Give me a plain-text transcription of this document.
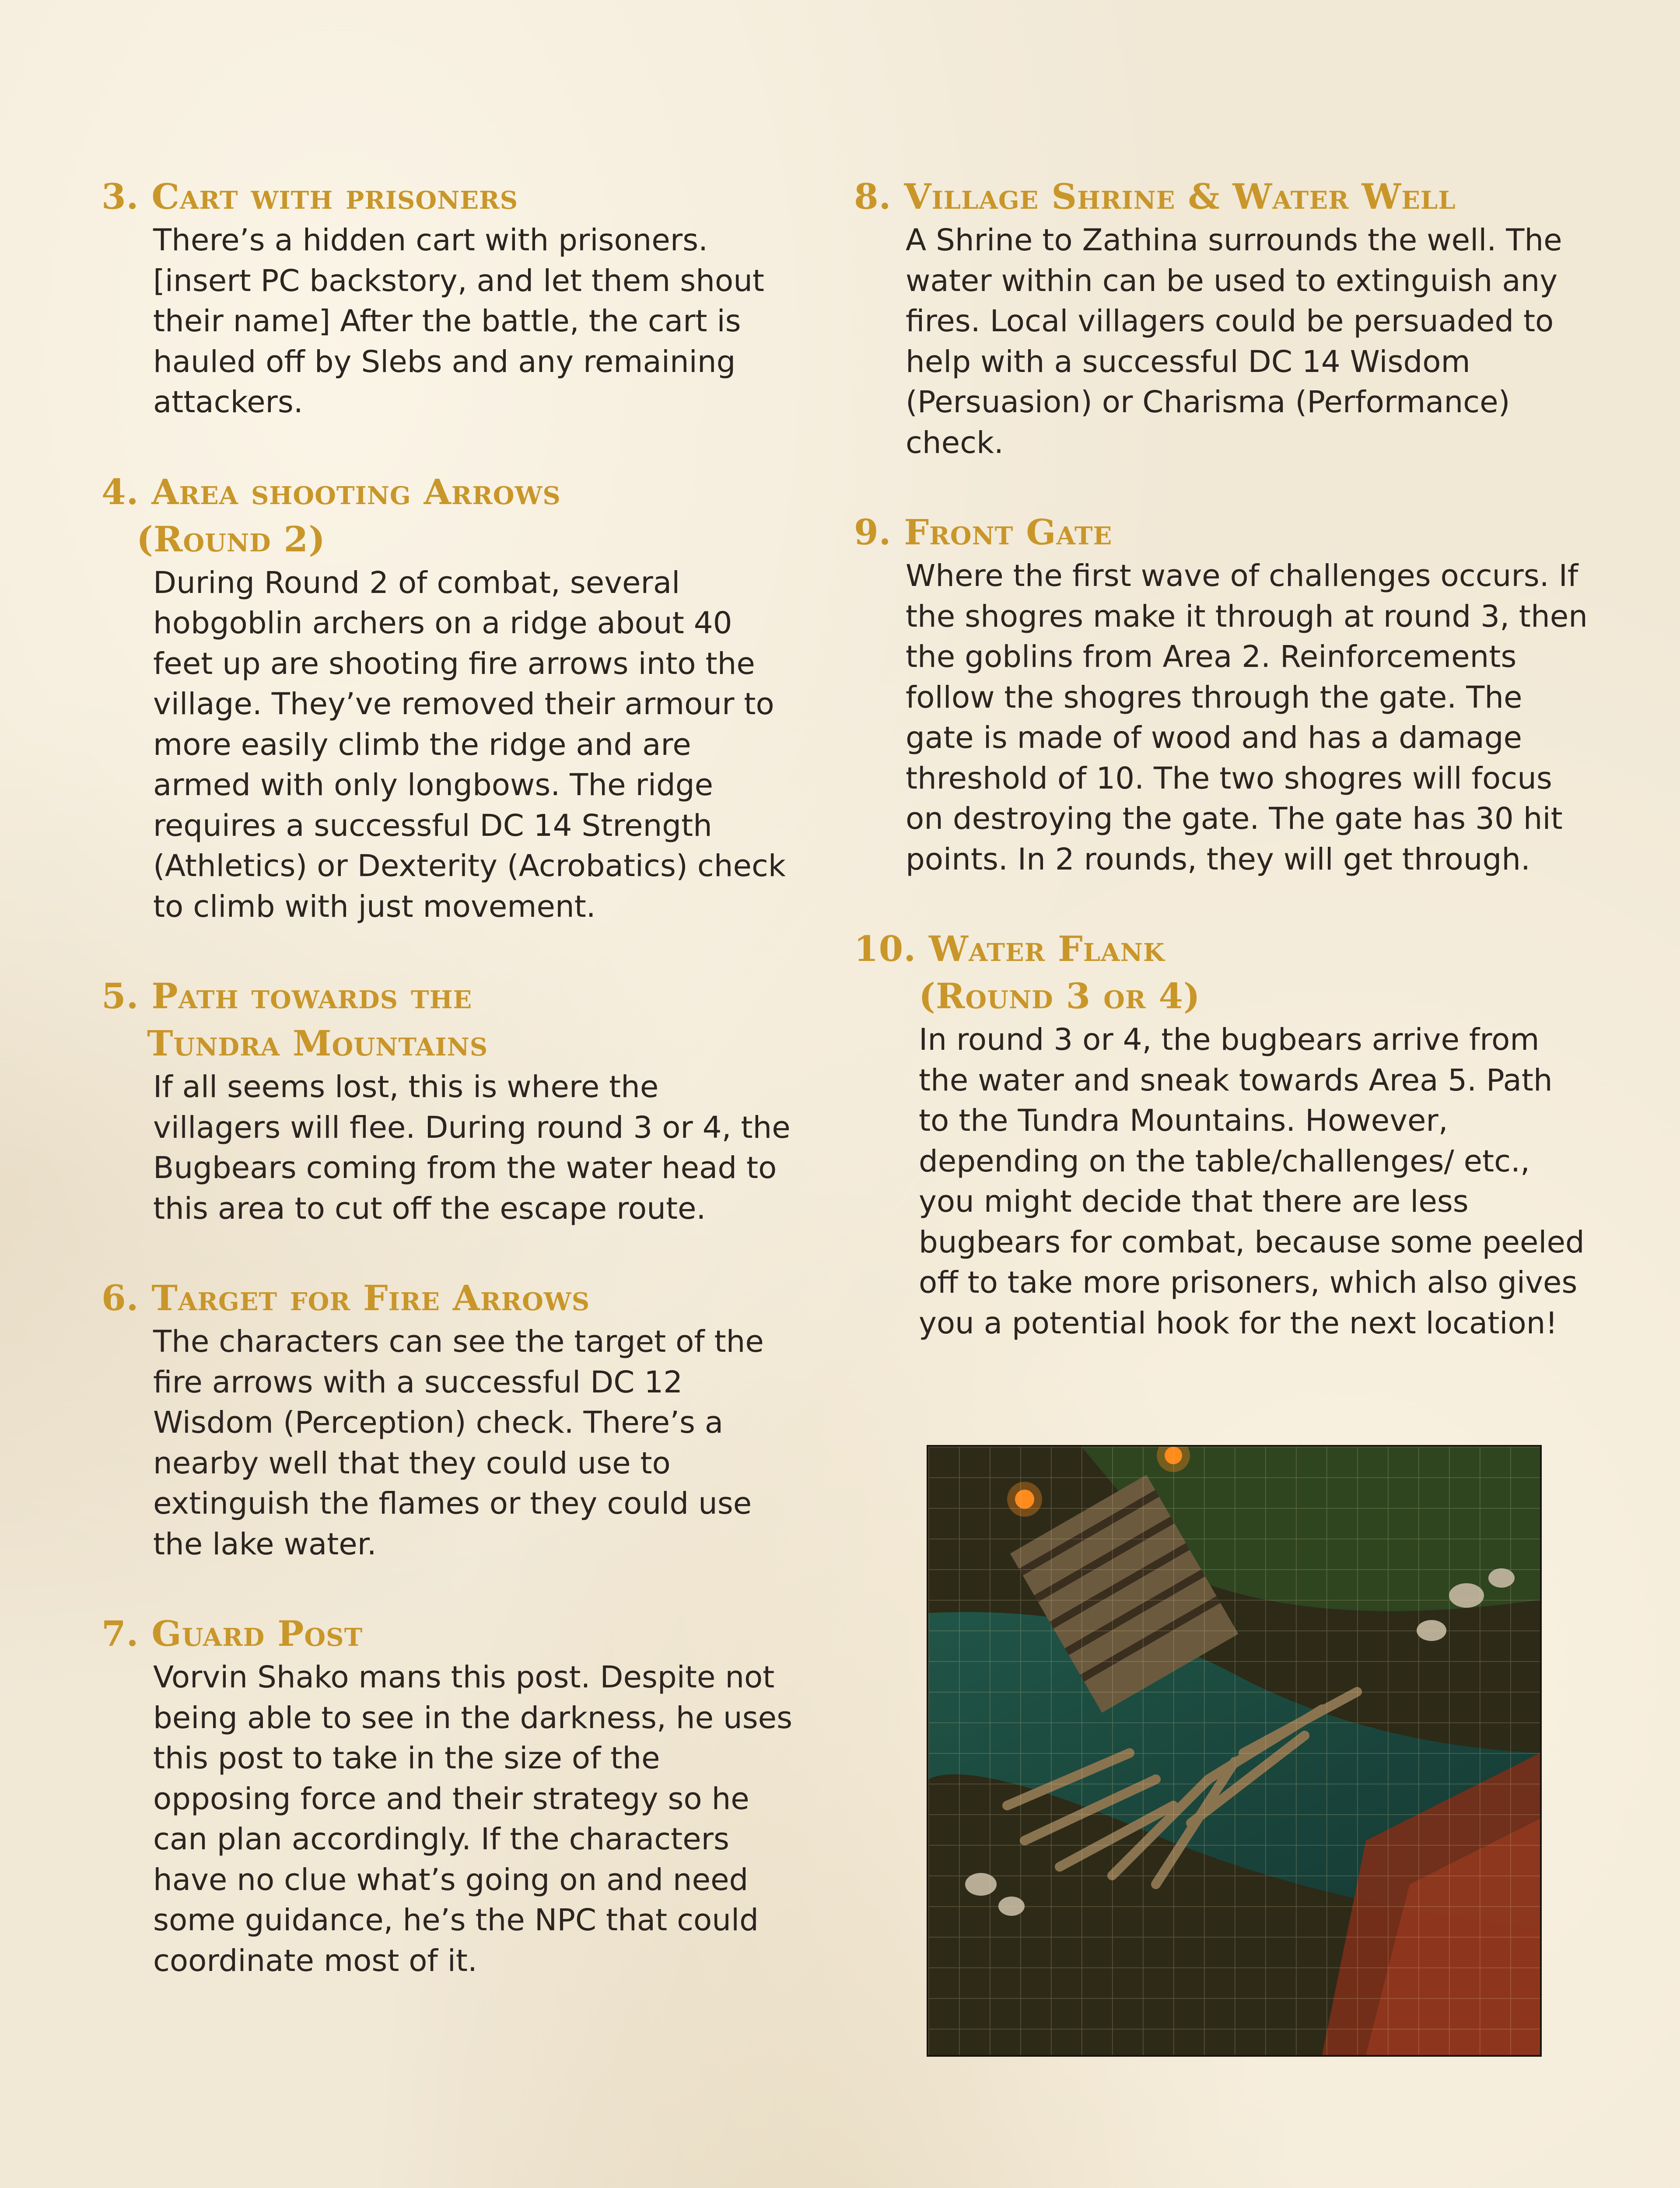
3. Cart with prisoners

There’s a hidden cart with prisoners. [insert PC backstory, and let them shout their name] After the battle, the cart is hauled off by Slebs and any remaining attackers.

4. Area shooting Arrows
(Round 2)

During Round 2 of combat, several hobgoblin archers on a ridge about 40 feet up are shooting fire arrows into the village. They’ve removed their armour to more easily climb the ridge and are armed with only longbows. The ridge requires a successful DC 14 Strength (Athletics) or Dexterity (Acrobatics) check to climb with just movement.

5. Path towards the
Tundra Mountains

If all seems lost, this is where the villagers will flee. During round 3 or 4, the Bugbears coming from the water head to this area to cut off the escape route.

6. Target for Fire Arrows

The characters can see the target of the fire arrows with a successful DC 12 Wisdom (Perception) check. There’s a nearby well that they could use to extinguish the flames or they could use the lake water.

7. Guard Post

Vorvin Shako mans this post. Despite not being able to see in the darkness, he uses this post to take in the size of the opposing force and their strategy so he can plan accordingly. If the characters have no clue what’s going on and need some guidance, he’s the NPC that could coordinate most of it.

8. Village Shrine & Water Well

A Shrine to Zathina surrounds the well. The water within can be used to extinguish any fires. Local villagers could be persuaded to help with a successful DC 14 Wisdom (Persuasion) or Charisma (Performance) check.

9. Front Gate

Where the first wave of challenges occurs. If the shogres make it through at round 3, then the goblins from Area 2. Reinforcements follow the shogres through the gate. The gate is made of wood and has a damage threshold of 10. The two shogres will focus on destroying the gate. The gate has 30 hit points. In 2 rounds, they will get through.

10. Water Flank
(Round 3 or 4)

In round 3 or 4, the bugbears arrive from the water and sneak towards Area 5. Path to the Tundra Mountains. However, depending on the table/challenges/ etc., you might decide that there are less bugbears for combat, because some peeled off to take more prisoners, which also gives you a potential hook for the next location!
